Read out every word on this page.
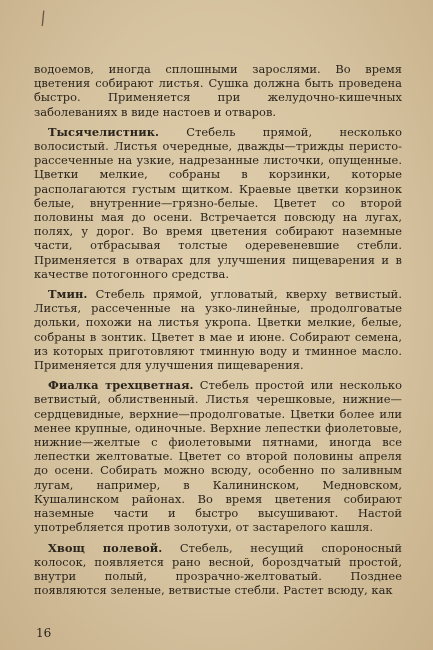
/

водоемов, иногда сплошными зарослями. Во время цветения собирают листья. Сушка должна быть проведена быстро. Применяется при желудочно-кишечных заболеваниях в виде настоев и отваров.

Тысячелистник. Стебель прямой, несколько волосистый. Листья очередные, дважды—трижды перисто-рассеченные на узкие, надрезанные листочки, опущенные. Цветки мелкие, собраны в корзинки, которые располагаются густым щитком. Краевые цветки корзинок белые, внутренние—грязно-белые. Цветет со второй половины мая до осени. Встречается повсюду на лугах, полях, у дорог. Во время цветения собирают наземные части, отбрасывая толстые одеревеневшие стебли. Применяется в отварах для улучшения пищеварения и в качестве потогонного средства.

Тмин. Стебель прямой, угловатый, кверху ветвистый. Листья, рассеченные на узко-линейные, продолговатые дольки, похожи на листья укропа. Цветки мелкие, белые, собраны в зонтик. Цветет в мае и июне. Собирают семена, из которых приготовляют тминную воду и тминное масло. Применяется для улучшения пищеварения.

Фиалка трехцветная. Стебель простой или несколько ветвистый, облиственный. Листья черешковые, нижние—сердцевидные, верхние—продолговатые. Цветки более или менее крупные, одиночные. Верхние лепестки фиолетовые, нижние—желтые с фиолетовыми пятнами, иногда все лепестки желтоватые. Цветет со второй половины апреля до осени. Собирать можно всюду, особенно по заливным лугам, например, в Калининском, Медновском, Кушалинском районах. Во время цветения собирают наземные части и быстро высушивают. Настой употребляется против золотухи, от застарелого кашля.

Хвощ полевой. Стебель, несущий спороносный колосок, появляется рано весной, бороздчатый простой, внутри полый, прозрачно-желтоватый. Позднее появляются зеленые, ветвистые стебли. Растет всюду, как

16
